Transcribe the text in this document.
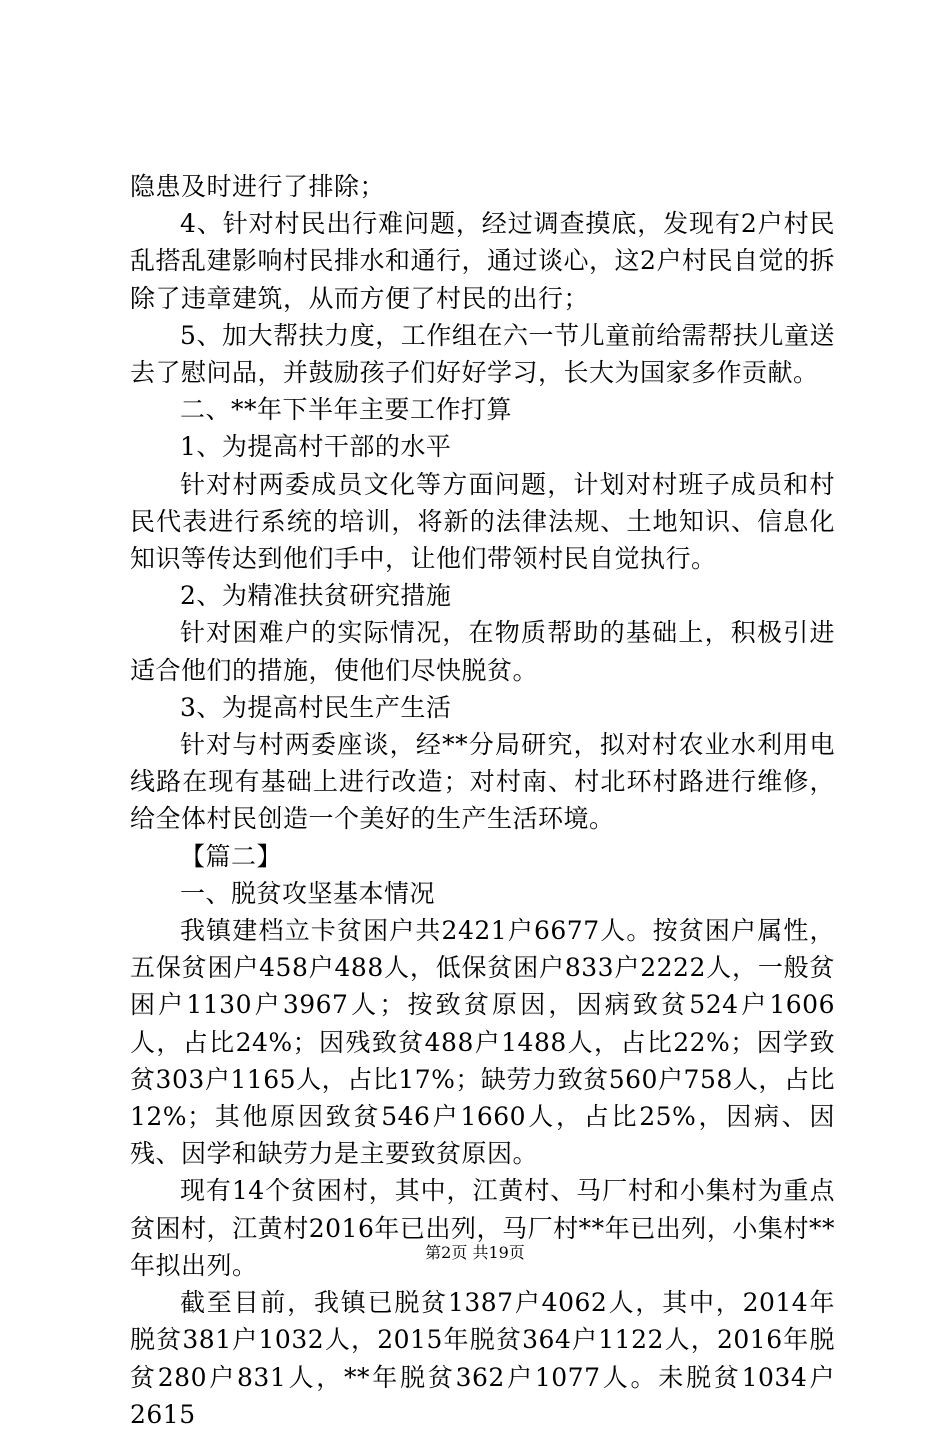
隐患及时进行了排除；

4、针对村民出行难问题，经过调查摸底，发现有2户村民乱搭乱建影响村民排水和通行，通过谈心，这2户村民自觉的拆除了违章建筑，从而方便了村民的出行；

5、加大帮扶力度，工作组在六一节儿童前给需帮扶儿童送去了慰问品，并鼓励孩子们好好学习，长大为国家多作贡献。

二、**年下半年主要工作打算

1、为提高村干部的水平

针对村两委成员文化等方面问题，计划对村班子成员和村民代表进行系统的培训，将新的法律法规、土地知识、信息化知识等传达到他们手中，让他们带领村民自觉执行。

2、为精准扶贫研究措施

针对困难户的实际情况，在物质帮助的基础上，积极引进适合他们的措施，使他们尽快脱贫。

3、为提高村民生产生活

针对与村两委座谈，经**分局研究，拟对村农业水利用电线路在现有基础上进行改造；对村南、村北环村路进行维修，给全体村民创造一个美好的生产生活环境。

【篇二】

一、脱贫攻坚基本情况

我镇建档立卡贫困户共2421户6677人。按贫困户属性，五保贫困户458户488人，低保贫困户833户2222人，一般贫困户1130户3967人；按致贫原因，因病致贫524户1606人，占比24%；因残致贫488户1488人，占比22%；因学致贫303户1165人，占比17%；缺劳力致贫560户758人，占比12%；其他原因致贫546户1660人，占比25%，因病、因残、因学和缺劳力是主要致贫原因。

现有14个贫困村，其中，江黄村、马厂村和小集村为重点贫困村，江黄村2016年已出列，马厂村**年已出列，小集村**年拟出列。

截至目前，我镇已脱贫1387户4062人，其中，2014年脱贫381户1032人，2015年脱贫364户1122人，2016年脱贫280户831人，**年脱贫362户1077人。未脱贫1034户2615

第2页 共19页
